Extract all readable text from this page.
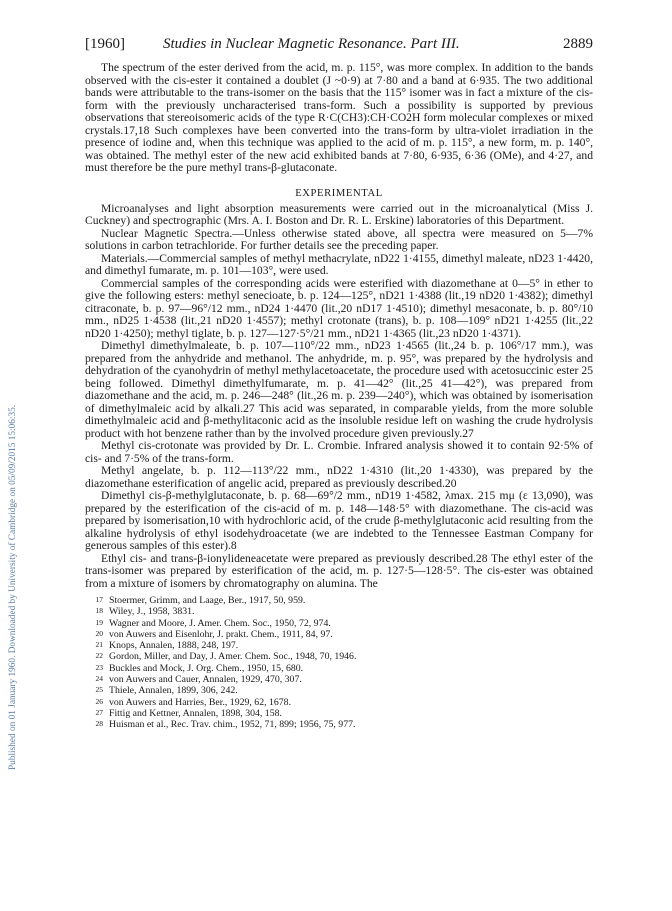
Published on 01 January 1960. Downloaded by University of Cambridge on 05/09/2015 15:06:35.
[1960]	Studies in Nuclear Magnetic Resonance. Part III.	2889

The spectrum of the ester derived from the acid, m. p. 115°, was more complex. In addition to the bands observed with the cis-ester it contained a doublet (J ~0·9) at 7·80 and a band at 6·935. The two additional bands were attributable to the trans-isomer on the basis that the 115° isomer was in fact a mixture of the cis-form with the previously uncharacterised trans-form. Such a possibility is supported by previous observations that stereoisomeric acids of the type R·C(CH3):CH·CO2H form molecular complexes or mixed crystals.17,18 Such complexes have been converted into the trans-form by ultra-violet irradiation in the presence of iodine and, when this technique was applied to the acid of m. p. 115°, a new form, m. p. 140°, was obtained. The methyl ester of the new acid exhibited bands at 7·80, 6·935, 6·36 (OMe), and 4·27, and must therefore be the pure methyl trans-β-glutaconate.

EXPERIMENTAL

Microanalyses and light absorption measurements were carried out in the microanalytical (Miss J. Cuckney) and spectrographic (Mrs. A. I. Boston and Dr. R. L. Erskine) laboratories of this Department.

Nuclear Magnetic Spectra.—Unless otherwise stated above, all spectra were measured on 5—7% solutions in carbon tetrachloride. For further details see the preceding paper.

Materials.—Commercial samples of methyl methacrylate, nD22 1·4155, dimethyl maleate, nD23 1·4420, and dimethyl fumarate, m. p. 101—103°, were used.

Commercial samples of the corresponding acids were esterified with diazomethane at 0—5° in ether to give the following esters: methyl senecioate, b. p. 124—125°, nD21 1·4388 (lit.,19 nD20 1·4382); dimethyl citraconate, b. p. 97—96°/12 mm., nD24 1·4470 (lit.,20 nD17 1·4510); dimethyl mesaconate, b. p. 80°/10 mm., nD25 1·4538 (lit.,21 nD20 1·4557); methyl crotonate (trans), b. p. 108—109° nD21 1·4255 (lit.,22 nD20 1·4250); methyl tiglate, b. p. 127—127·5°/21 mm., nD21 1·4365 (lit.,23 nD20 1·4371).

Dimethyl dimethylmaleate, b. p. 107—110°/22 mm., nD23 1·4565 (lit.,24 b. p. 106°/17 mm.), was prepared from the anhydride and methanol. The anhydride, m. p. 95°, was prepared by the hydrolysis and dehydration of the cyanohydrin of methyl methylacetoacetate, the procedure used with acetosuccinic ester 25 being followed. Dimethyl dimethylfumarate, m. p. 41—42° (lit.,25 41—42°), was prepared from diazomethane and the acid, m. p. 246—248° (lit.,26 m. p. 239—240°), which was obtained by isomerisation of dimethylmaleic acid by alkali.27 This acid was separated, in comparable yields, from the more soluble dimethylmaleic acid and β-methylitaconic acid as the insoluble residue left on washing the crude hydrolysis product with hot benzene rather than by the involved procedure given previously.27

Methyl cis-crotonate was provided by Dr. L. Crombie. Infrared analysis showed it to contain 92·5% of cis- and 7·5% of the trans-form.

Methyl angelate, b. p. 112—113°/22 mm., nD22 1·4310 (lit.,20 1·4330), was prepared by the diazomethane esterification of angelic acid, prepared as previously described.20

Dimethyl cis-β-methylglutaconate, b. p. 68—69°/2 mm., nD19 1·4582, λmax. 215 mμ (ε 13,090), was prepared by the esterification of the cis-acid of m. p. 148—148·5° with diazomethane. The cis-acid was prepared by isomerisation,10 with hydrochloric acid, of the crude β-methylglutaconic acid resulting from the alkaline hydrolysis of ethyl isodehydroacetate (we are indebted to the Tennessee Eastman Company for generous samples of this ester).8

Ethyl cis- and trans-β-ionylideneacetate were prepared as previously described.28 The ethyl ester of the trans-isomer was prepared by esterification of the acid, m. p. 127·5—128·5°. The cis-ester was obtained from a mixture of isomers by chromatography on alumina. The

17 Stoermer, Grimm, and Laage, Ber., 1917, 50, 959.
18 Wiley, J., 1958, 3831.
19 Wagner and Moore, J. Amer. Chem. Soc., 1950, 72, 974.
20 von Auwers and Eisenlohr, J. prakt. Chem., 1911, 84, 97.
21 Knops, Annalen, 1888, 248, 197.
22 Gordon, Miller, and Day, J. Amer. Chem. Soc., 1948, 70, 1946.
23 Buckles and Mock, J. Org. Chem., 1950, 15, 680.
24 von Auwers and Cauer, Annalen, 1929, 470, 307.
25 Thiele, Annalen, 1899, 306, 242.
26 von Auwers and Harries, Ber., 1929, 62, 1678.
27 Fittig and Kettner, Annalen, 1898, 304, 158.
28 Huisman et al., Rec. Trav. chim., 1952, 71, 899; 1956, 75, 977.
